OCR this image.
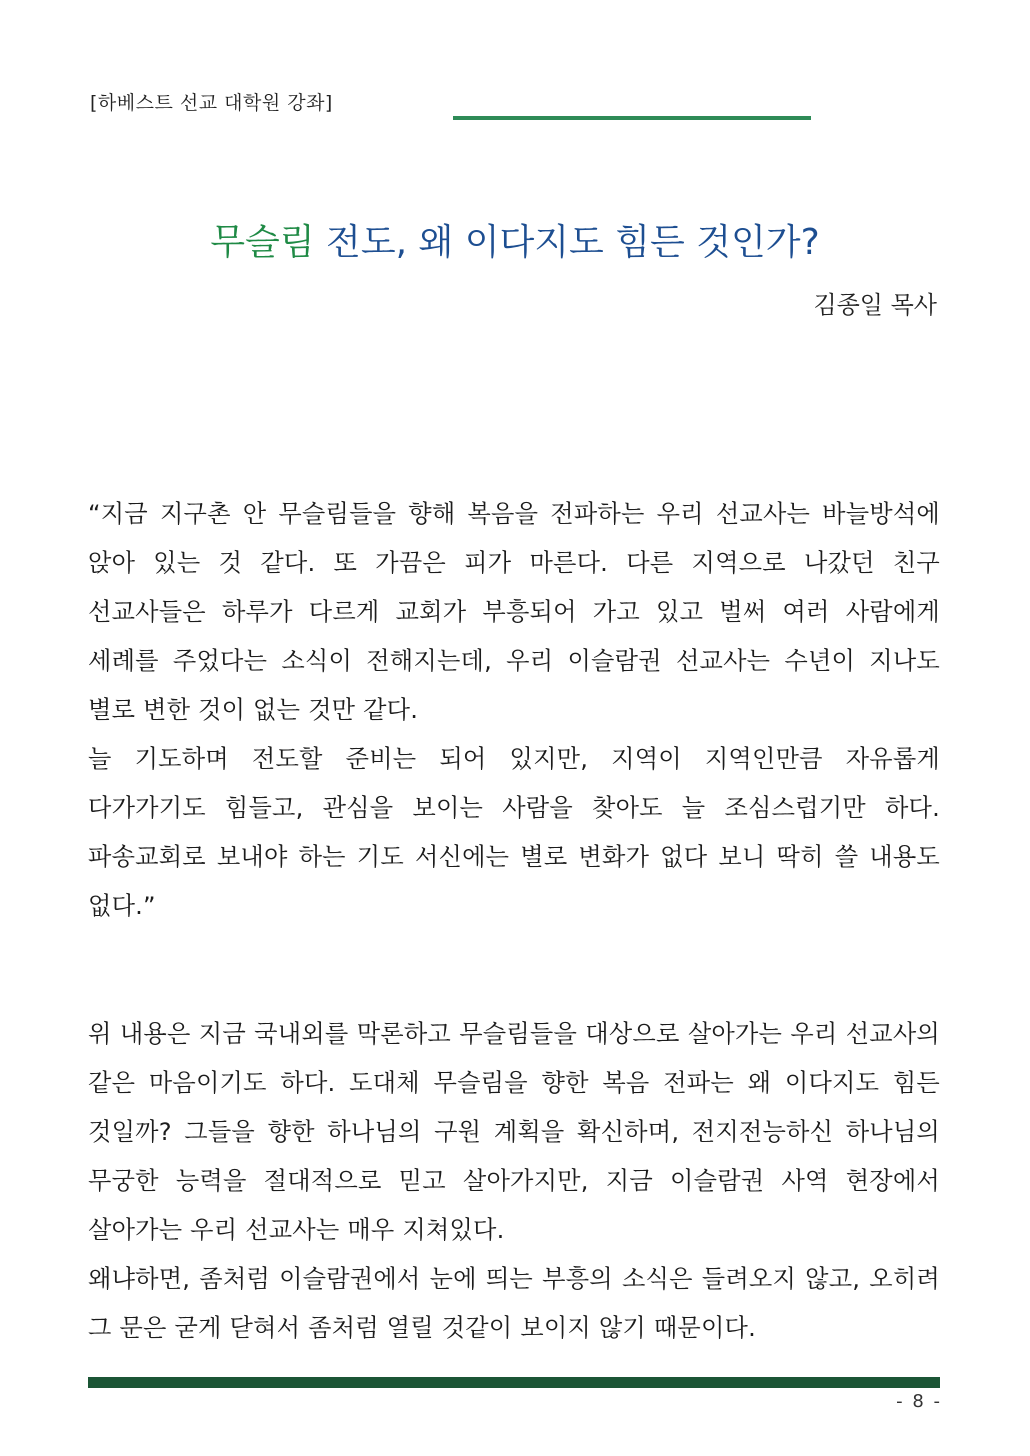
[하베스트 선교 대학원 강좌]
무슬림 전도, 왜 이다지도 힘든 것인가?
김종일 목사

“지금 지구촌 안 무슬림들을 향해 복음을 전파하는 우리 선교사는 바늘방석에 앉아 있는 것 같다. 또 가끔은 피가 마른다. 다른 지역으로 나갔던 친구 선교사들은 하루가 다르게 교회가 부흥되어 가고 있고 벌써 여러 사람에게 세례를 주었다는 소식이 전해지는데, 우리 이슬람권 선교사는 수년이 지나도 별로 변한 것이 없는 것만 같다.

늘 기도하며 전도할 준비는 되어 있지만, 지역이 지역인만큼 자유롭게 다가가기도 힘들고, 관심을 보이는 사람을 찾아도 늘 조심스럽기만 하다. 파송교회로 보내야 하는 기도 서신에는 별로 변화가 없다 보니 딱히 쓸 내용도 없다.”

위 내용은 지금 국내외를 막론하고 무슬림들을 대상으로 살아가는 우리 선교사의 같은 마음이기도 하다. 도대체 무슬림을 향한 복음 전파는 왜 이다지도 힘든 것일까? 그들을 향한 하나님의 구원 계획을 확신하며, 전지전능하신 하나님의 무궁한 능력을 절대적으로 믿고 살아가지만, 지금 이슬람권 사역 현장에서 살아가는 우리 선교사는 매우 지쳐있다.

왜냐하면, 좀처럼 이슬람권에서 눈에 띄는 부흥의 소식은 들려오지 않고, 오히려 그 문은 굳게 닫혀서 좀처럼 열릴 것같이 보이지 않기 때문이다.

- 8 -
